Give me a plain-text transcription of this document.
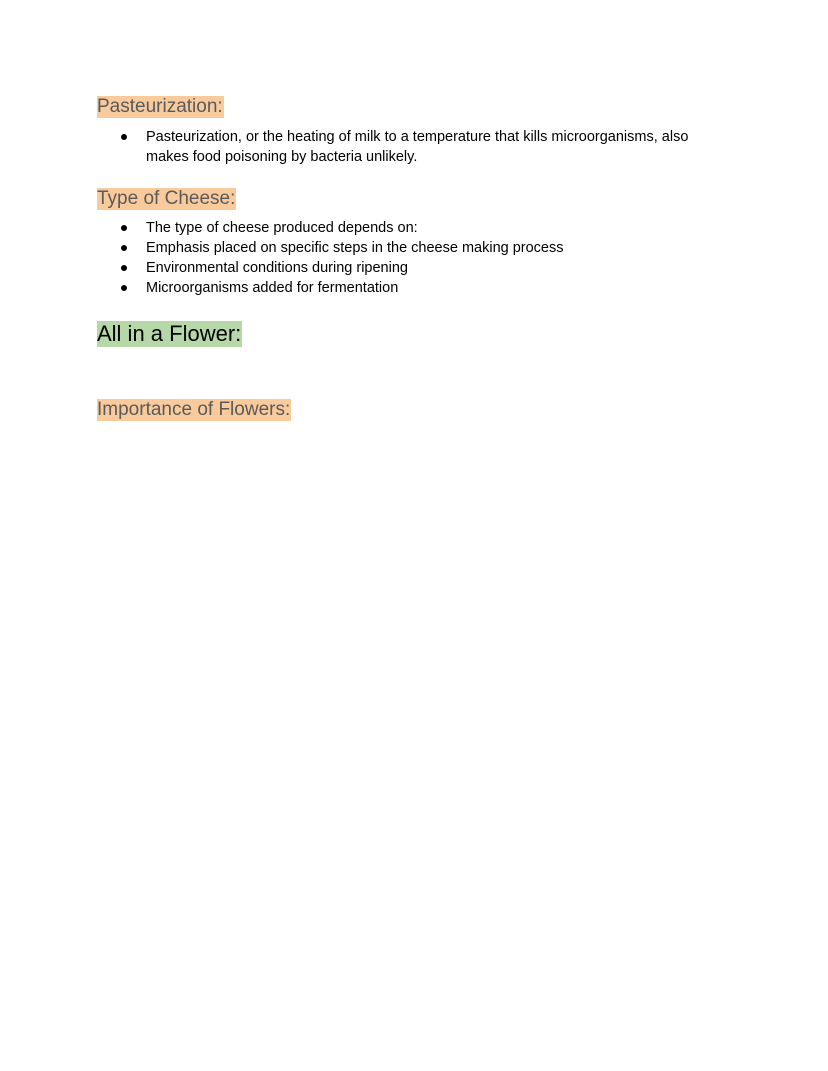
Pasteurization:
Pasteurization, or the heating of milk to a temperature that kills microorganisms, also makes food poisoning by bacteria unlikely.
Type of Cheese:
The type of cheese produced depends on:
Emphasis placed on specific steps in the cheese making process
Environmental conditions during ripening
Microorganisms added for fermentation
All in a Flower:
Importance of Flowers:
